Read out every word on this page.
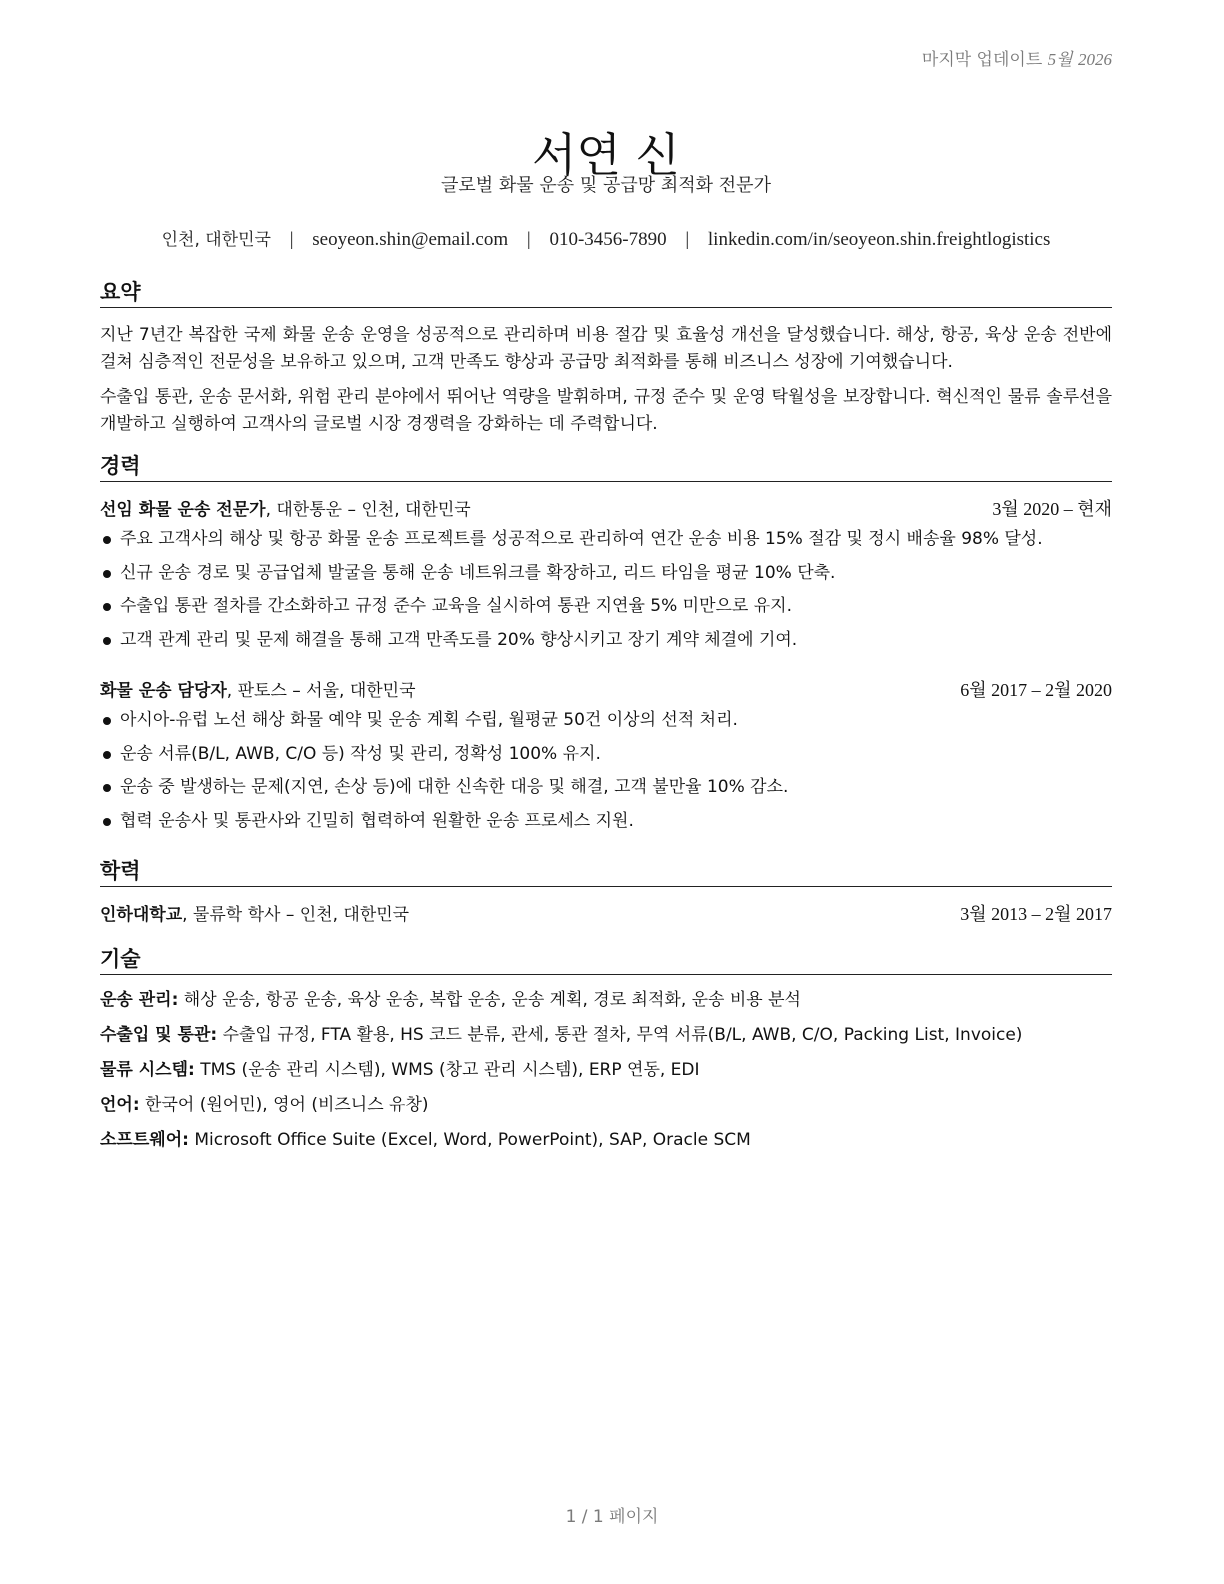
마지막 업데이트 5월 2026
서연 신
글로벌 화물 운송 및 공급망 최적화 전문가
인천, 대한민국 | seoyeon.shin@email.com | 010-3456-7890 | linkedin.com/in/seoyeon.shin.freightlogistics
요약

지난 7년간 복잡한 국제 화물 운송 운영을 성공적으로 관리하며 비용 절감 및 효율성 개선을 달성했습니다. 해상, 항공, 육상 운송 전반에 걸쳐 심층적인 전문성을 보유하고 있으며, 고객 만족도 향상과 공급망 최적화를 통해 비즈니스 성장에 기여했습니다.

수출입 통관, 운송 문서화, 위험 관리 분야에서 뛰어난 역량을 발휘하며, 규정 준수 및 운영 탁월성을 보장합니다. 혁신적인 물류 솔루션을 개발하고 실행하여 고객사의 글로벌 시장 경쟁력을 강화하는 데 주력합니다.

경력
선임 화물 운송 전문가, 대한통운 – 인천, 대한민국	3월 2020 – 현재
주요 고객사의 해상 및 항공 화물 운송 프로젝트를 성공적으로 관리하여 연간 운송 비용 15% 절감 및 정시 배송율 98% 달성.
신규 운송 경로 및 공급업체 발굴을 통해 운송 네트워크를 확장하고, 리드 타임을 평균 10% 단축.
수출입 통관 절차를 간소화하고 규정 준수 교육을 실시하여 통관 지연율 5% 미만으로 유지.
고객 관계 관리 및 문제 해결을 통해 고객 만족도를 20% 향상시키고 장기 계약 체결에 기여.
화물 운송 담당자, 판토스 – 서울, 대한민국	6월 2017 – 2월 2020
아시아-유럽 노선 해상 화물 예약 및 운송 계획 수립, 월평균 50건 이상의 선적 처리.
운송 서류(B/L, AWB, C/O 등) 작성 및 관리, 정확성 100% 유지.
운송 중 발생하는 문제(지연, 손상 등)에 대한 신속한 대응 및 해결, 고객 불만율 10% 감소.
협력 운송사 및 통관사와 긴밀히 협력하여 원활한 운송 프로세스 지원.
학력
인하대학교, 물류학 학사 – 인천, 대한민국	3월 2013 – 2월 2017
기술
운송 관리: 해상 운송, 항공 운송, 육상 운송, 복합 운송, 운송 계획, 경로 최적화, 운송 비용 분석
수출입 및 통관: 수출입 규정, FTA 활용, HS 코드 분류, 관세, 통관 절차, 무역 서류(B/L, AWB, C/O, Packing List, Invoice)
물류 시스템: TMS (운송 관리 시스템), WMS (창고 관리 시스템), ERP 연동, EDI
언어: 한국어 (원어민), 영어 (비즈니스 유창)
소프트웨어: Microsoft Office Suite (Excel, Word, PowerPoint), SAP, Oracle SCM
1 / 1 페이지
